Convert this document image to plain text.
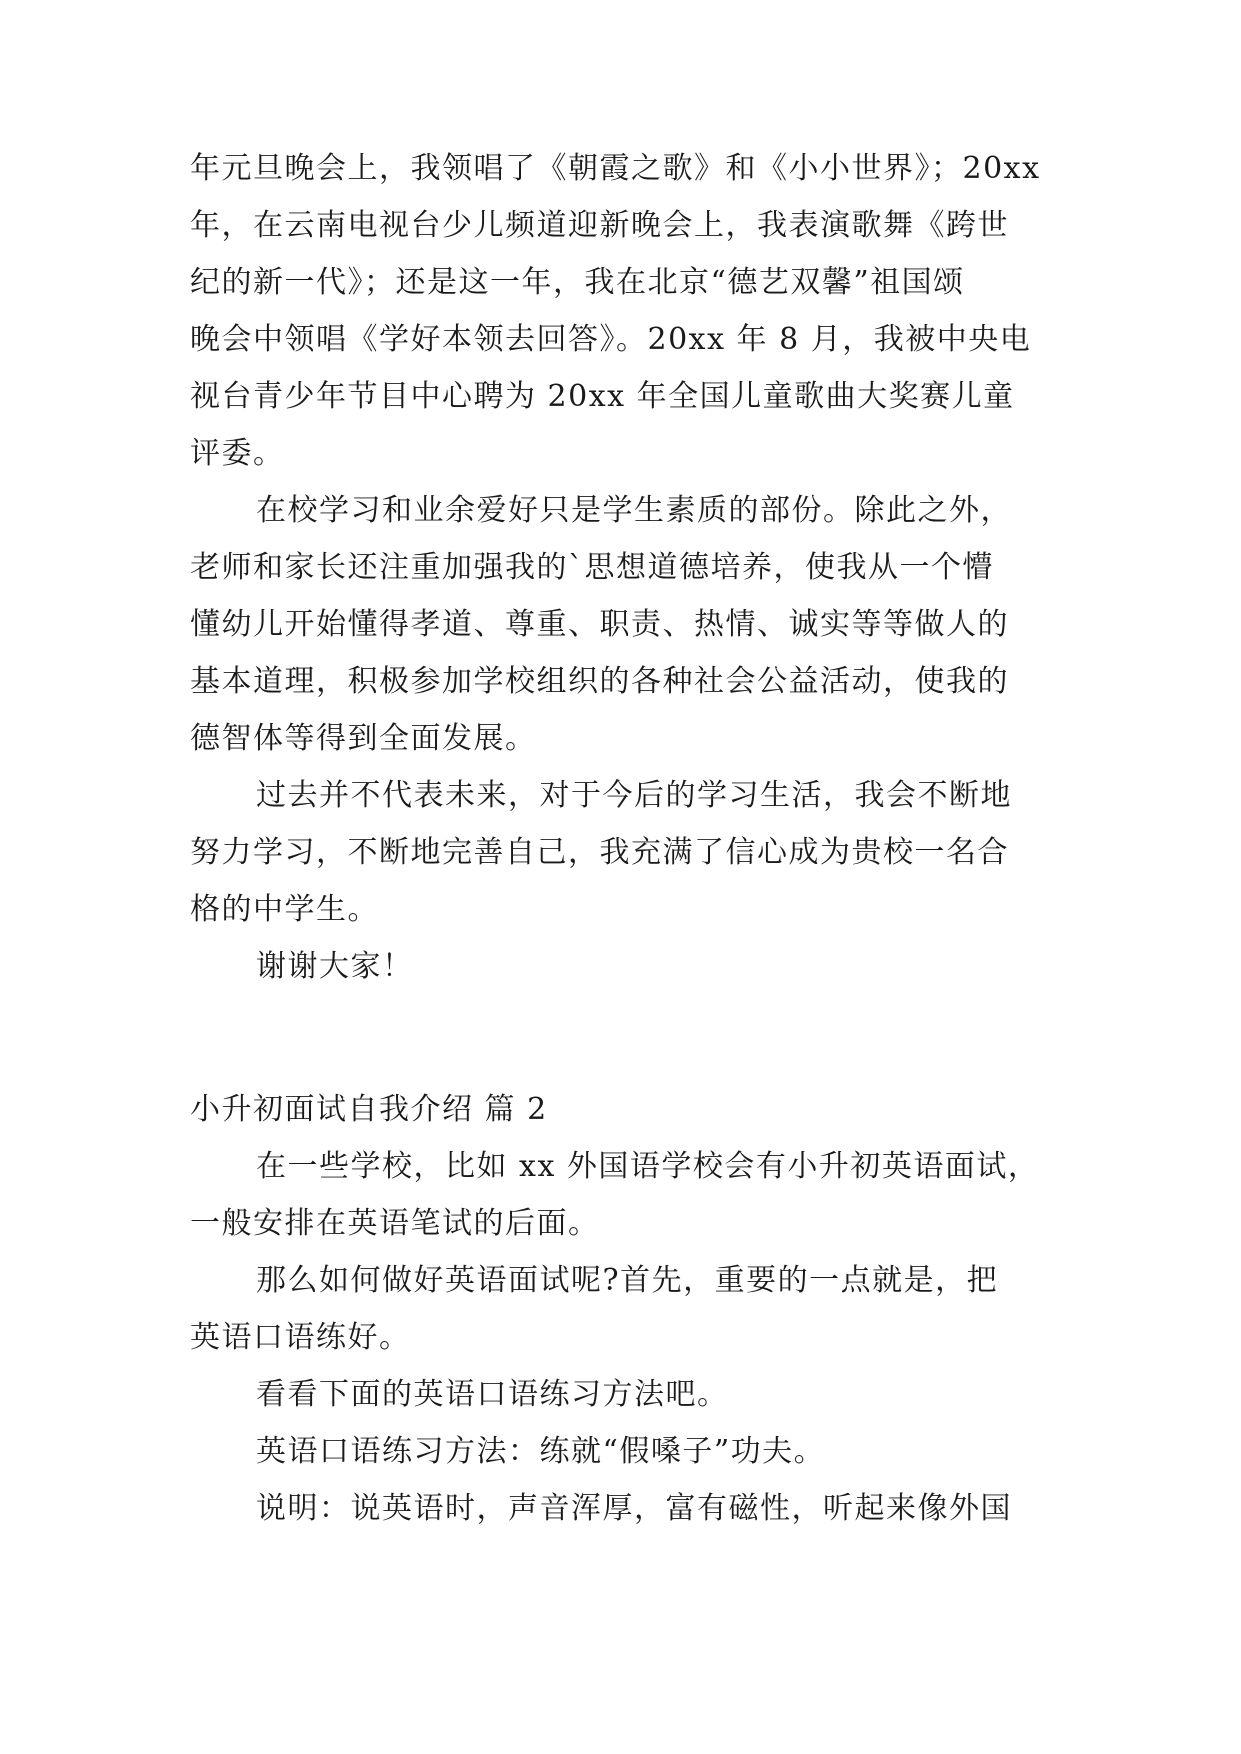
年元旦晚会上，我领唱了《朝霞之歌》和《小小世界》；20xx
年，在云南电视台少儿频道迎新晚会上，我表演歌舞《跨世
纪的新一代》；还是这一年，我在北京“德艺双馨”祖国颂
晚会中领唱《学好本领去回答》。20xx 年 8 月，我被中央电
视台青少年节目中心聘为 20xx 年全国儿童歌曲大奖赛儿童
评委。
在校学习和业余爱好只是学生素质的部份。除此之外，
老师和家长还注重加强我的`思想道德培养，使我从一个懵
懂幼儿开始懂得孝道、尊重、职责、热情、诚实等等做人的
基本道理，积极参加学校组织的各种社会公益活动，使我的
德智体等得到全面发展。
过去并不代表未来，对于今后的学习生活，我会不断地
努力学习，不断地完善自己，我充满了信心成为贵校一名合
格的中学生。
谢谢大家！
小升初面试自我介绍 篇 2
在一些学校，比如 xx 外国语学校会有小升初英语面试，
一般安排在英语笔试的后面。
那么如何做好英语面试呢?首先，重要的一点就是，把
英语口语练好。
看看下面的英语口语练习方法吧。
英语口语练习方法：练就“假嗓子”功夫。
说明：说英语时，声音浑厚，富有磁性，听起来像外国
